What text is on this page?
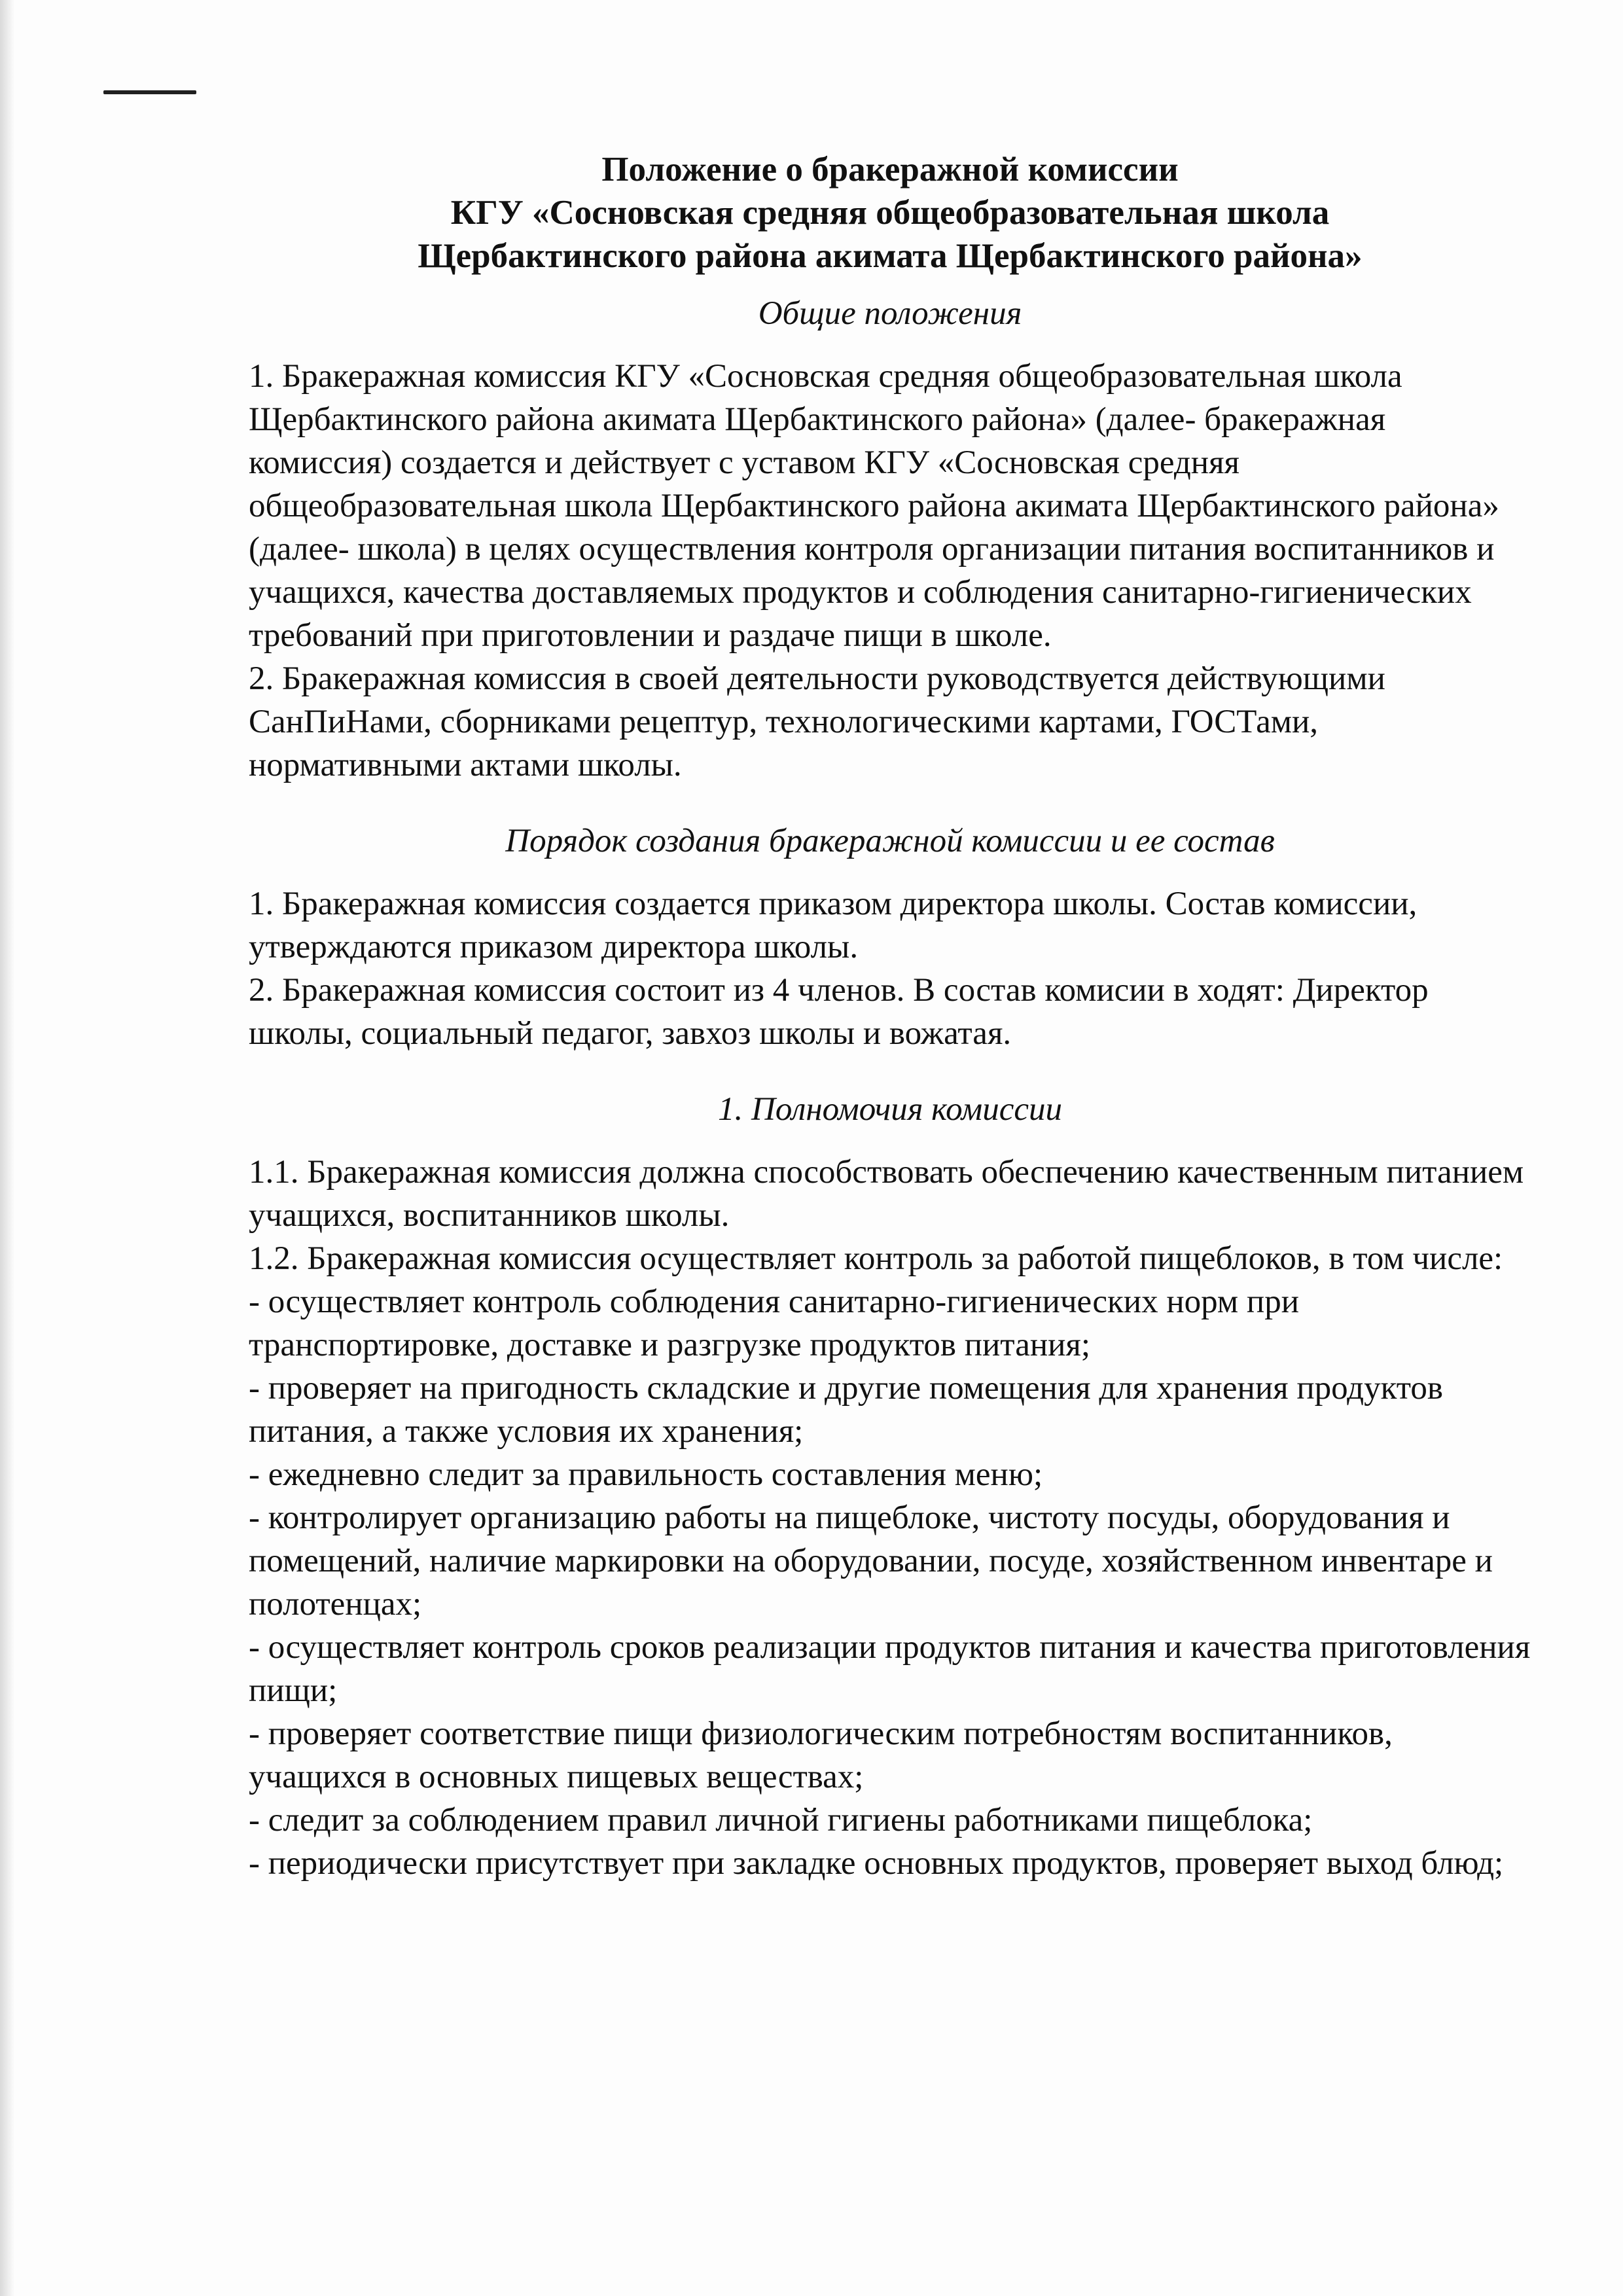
Положение о бракеражной комиссии

КГУ «Сосновская средняя общеобразовательная школа

Щербактинского района акимата Щербактинского района»

Общие положения

1. Бракеражная комиссия КГУ «Сосновская средняя общеобразовательная школа Щербактинского района акимата Щербактинского района» (далее- бракеражная комиссия) создается и действует с уставом КГУ «Сосновская средняя общеобразовательная школа Щербактинского района акимата Щербактинского района» (далее- школа) в целях осуществления контроля организации питания воспитанников и учащихся, качества доставляемых продуктов и соблюдения санитарно-гигиенических требований при приготовлении и раздаче пищи в школе.

2. Бракеражная комиссия в своей деятельности руководствуется действующими СанПиНами, сборниками рецептур, технологическими картами, ГОСТами, нормативными актами школы.

Порядок создания бракеражной комиссии и ее состав

1. Бракеражная комиссия создается приказом директора школы. Состав комиссии, утверждаются приказом директора школы.

2. Бракеражная комиссия состоит из 4 членов. В состав комисии в ходят: Директор школы, социальный педагог, завхоз школы и вожатая.

1. Полномочия комиссии

1.1. Бракеражная комиссия должна способствовать обеспечению качественным питанием учащихся, воспитанников школы.

1.2. Бракеражная комиссия осуществляет контроль за работой пищеблоков, в том числе:

- осуществляет контроль соблюдения санитарно-гигиенических норм при транспортировке, доставке и разгрузке продуктов питания;

- проверяет на пригодность складские и другие помещения для хранения продуктов питания, а также условия их хранения;

- ежедневно следит за правильность составления меню;

- контролирует организацию работы на пищеблоке, чистоту посуды, оборудования и помещений, наличие маркировки на оборудовании, посуде, хозяйственном инвентаре и полотенцах;

- осуществляет контроль сроков реализации продуктов питания и качества приготовления пищи;

- проверяет соответствие пищи физиологическим потребностям воспитанников, учащихся в основных пищевых веществах;

- следит за соблюдением правил личной гигиены работниками пищеблока;

- периодически присутствует при закладке основных продуктов, проверяет выход блюд;
